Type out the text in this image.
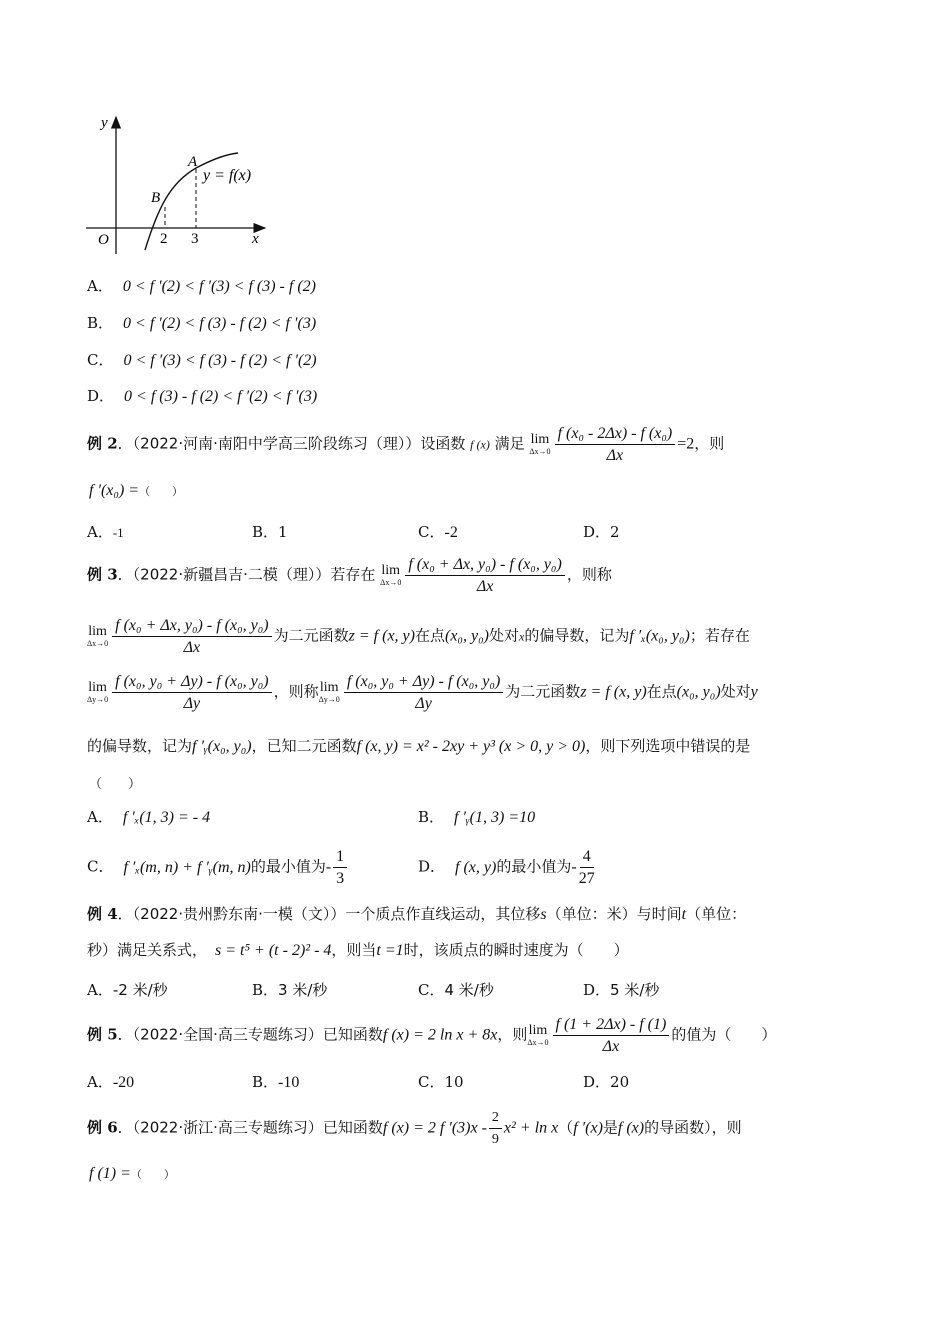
y
x
O
A
B
2 3
y = f(x)
A． 0 < f ′(2) < f ′(3) < f (3) - f (2)
B． 0 < f ′(2) < f (3) - f (2) < f ′(3)
C． 0 < f ′(3) < f (3) - f (2) < f ′(2)
D． 0 < f (3) - f (2) < f ′(2) < f ′(3)
例 2．（2022·河南·南阳中学高三阶段练习（理））设函数 f (x) 满足 lim
$\Delta x\to 0 \frac{\text{f (x₀ - 2Δx) - f (x₀)}}{\Delta x} =2$，则
f ′(x₀) =（　　）
A．-1	B．1	C．-2	D．2
例 3．（2022·新疆昌吉·二模（理））若存在 lim
$\Delta x\to 0 \frac{\text{f (x₀ + Δx, y₀) - f (x₀, y₀)}}{\Delta x}$ ，则称
lim
$\Delta x\to 0 \frac{\text{f (x₀ + Δx, y₀) - f (x₀, y₀)}}{\Delta x}$ 为二元函数z = f (x, y)在点(x₀, y₀)处对x的偏导数，记为f ′ₓ(x₀, y₀)；若存在
lim
$\Delta y\to 0 \frac{\text{f (x₀, y₀ + Δy) - f (x₀, y₀)}}{\Delta y}$ ，则称 lim
$\Delta y\to 0 \frac{\text{f (x₀, y₀ + Δy) - f (x₀, y₀)}}{\Delta y}$ 为二元函数z = f (x, y)在点(x₀, y₀)处对y
的偏导数，记为f ′ᵧ(x₀, y₀)，已知二元函数f (x, y) = x² - 2xy + y³ (x > 0, y > 0)，则下列选项中错误的是
（　　）
A． f ′ₓ(1, 3) = - 4	B． f ′ᵧ(1, 3) =10
C． f ′ₓ(m, n) + f ′ᵧ(m, n)的最小值为- $\frac{1}{3}$	D． f (x, y)的最小值为- $\frac{4}{27}$
例 4．（2022·贵州黔东南·一模（文））一个质点作直线运动，其位移s（单位：米）与时间t（单位：
秒）满足关系式， s = t⁵ + (t - 2)² - 4，则当t =1时，该质点的瞬时速度为（　　）
A．-2 米/秒	B．3 米/秒	C．4 米/秒	D．5 米/秒
例 5．（2022·全国·高三专题练习）已知函数f (x) = 2 ln x + 8x，则 lim
$\Delta x\to 0 \frac{f (1 + 2\Delta x) - f (1)}{\Delta x}$ 的值为（　　）
A．-20	B．-10	C．10	D．20
例 6．（2022·浙江·高三专题练习）已知函数f (x) = 2 f $'(3)x - \frac{2}{9} x^2 + \ln x(f$ ′(x)是f (x)的导函数），则
f (1) =（　　）
